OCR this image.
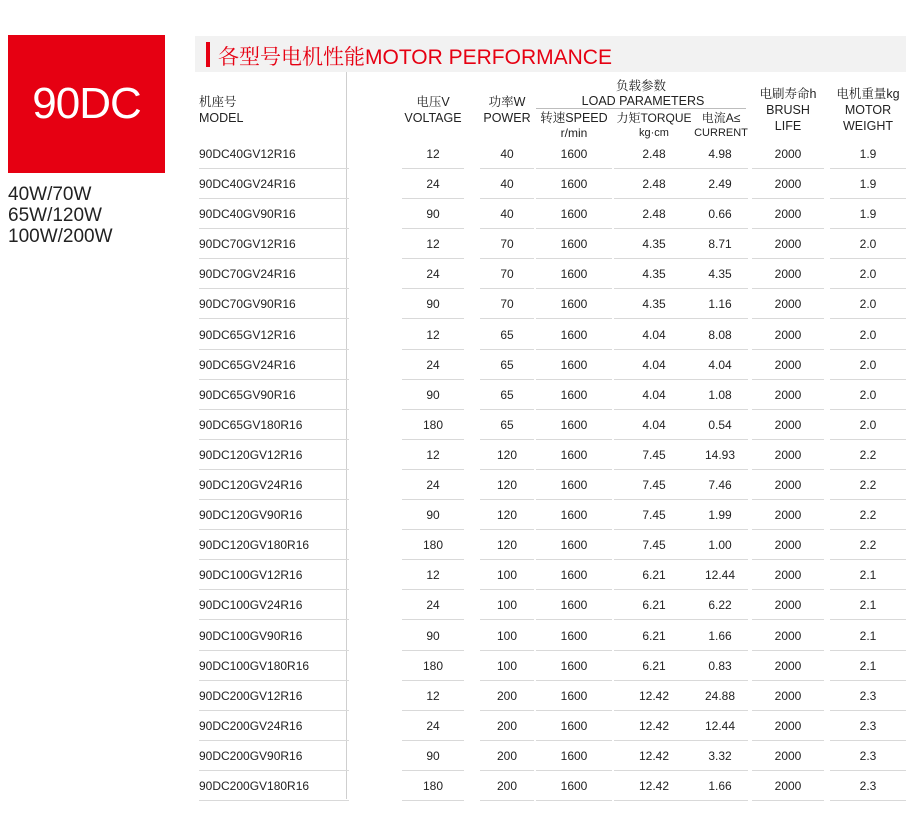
90DC
40W/70W
65W/120W
100W/200W
各型号电机性能MOTOR PERFORMANCE
机座号
MODEL
电压V
VOLTAGE
功率W
POWER
负载参数
LOAD PARAMETERS
转速SPEED
r/min
力矩TORQUE
kg·cm
电流A≤
CURRENT
电刷寿命h
BRUSH
LIFE
电机重量kg
MOTOR
WEIGHT
90DC40GV12R16	12	40	1600	2.48	4.98	2000	1.9
90DC40GV24R16	24	40	1600	2.48	2.49	2000	1.9
90DC40GV90R16	90	40	1600	2.48	0.66	2000	1.9
90DC70GV12R16	12	70	1600	4.35	8.71	2000	2.0
90DC70GV24R16	24	70	1600	4.35	4.35	2000	2.0
90DC70GV90R16	90	70	1600	4.35	1.16	2000	2.0
90DC65GV12R16	12	65	1600	4.04	8.08	2000	2.0
90DC65GV24R16	24	65	1600	4.04	4.04	2000	2.0
90DC65GV90R16	90	65	1600	4.04	1.08	2000	2.0
90DC65GV180R16	180	65	1600	4.04	0.54	2000	2.0
90DC120GV12R16	12	120	1600	7.45	14.93	2000	2.2
90DC120GV24R16	24	120	1600	7.45	7.46	2000	2.2
90DC120GV90R16	90	120	1600	7.45	1.99	2000	2.2
90DC120GV180R16	180	120	1600	7.45	1.00	2000	2.2
90DC100GV12R16	12	100	1600	6.21	12.44	2000	2.1
90DC100GV24R16	24	100	1600	6.21	6.22	2000	2.1
90DC100GV90R16	90	100	1600	6.21	1.66	2000	2.1
90DC100GV180R16	180	100	1600	6.21	0.83	2000	2.1
90DC200GV12R16	12	200	1600	12.42	24.88	2000	2.3
90DC200GV24R16	24	200	1600	12.42	12.44	2000	2.3
90DC200GV90R16	90	200	1600	12.42	3.32	2000	2.3
90DC200GV180R16	180	200	1600	12.42	1.66	2000	2.3
